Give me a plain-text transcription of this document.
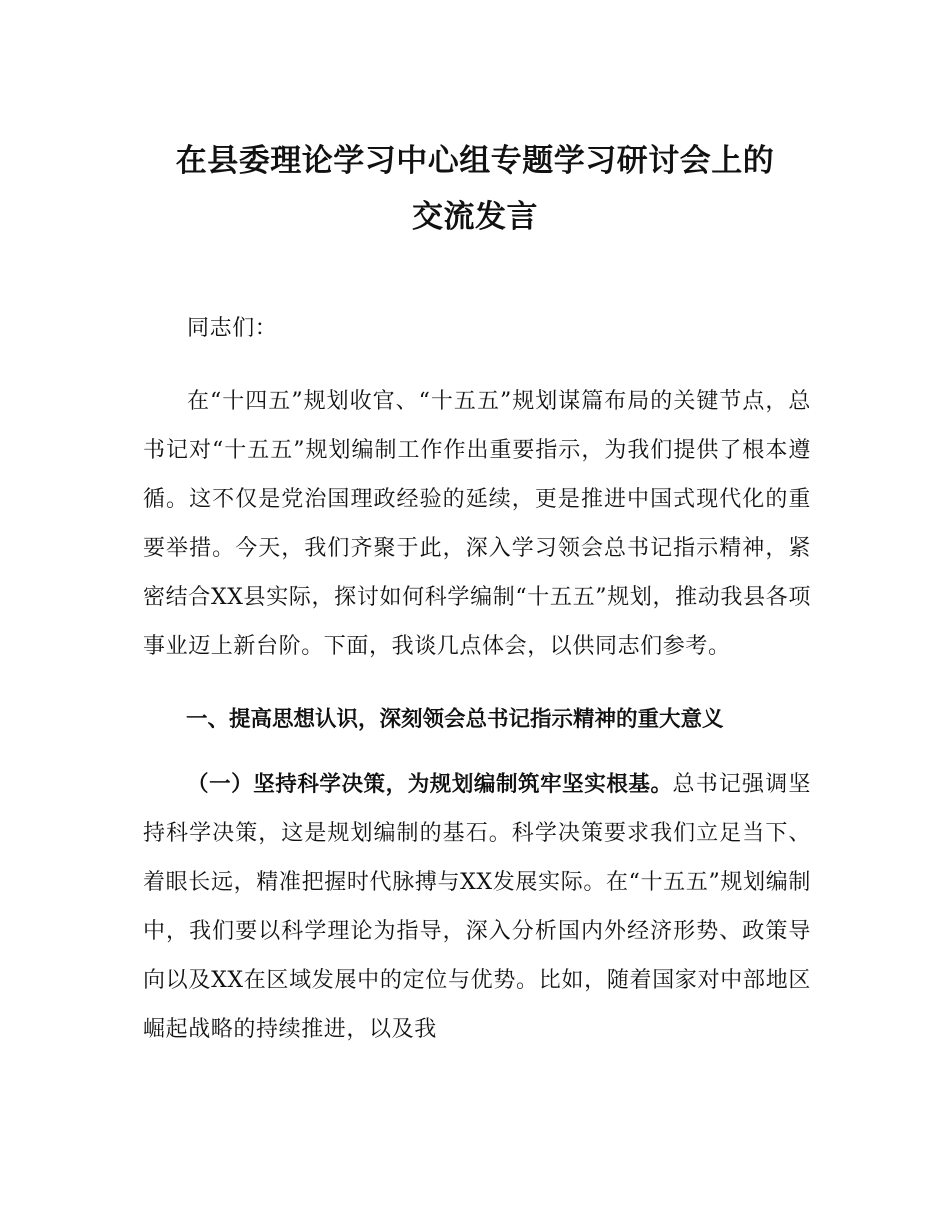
在县委理论学习中心组专题学习研讨会上的
交流发言

同志们：

在“十四五”规划收官、“十五五”规划谋篇布局的关键节点，总书记对“十五五”规划编制工作作出重要指示，为我们提供了根本遵循。这不仅是党治国理政经验的延续，更是推进中国式现代化的重要举措。今天，我们齐聚于此，深入学习领会总书记指示精神，紧密结合XX县实际，探讨如何科学编制“十五五”规划，推动我县各项事业迈上新台阶。下面，我谈几点体会，以供同志们参考。

一、提高思想认识，深刻领会总书记指示精神的重大意义

（一）坚持科学决策，为规划编制筑牢坚实根基。总书记强调坚持科学决策，这是规划编制的基石。科学决策要求我们立足当下、着眼长远，精准把握时代脉搏与XX发展实际。在“十五五”规划编制中，我们要以科学理论为指导，深入分析国内外经济形势、政策导向以及XX在区域发展中的定位与优势。比如，随着国家对中部地区崛起战略的持续推进，以及我
